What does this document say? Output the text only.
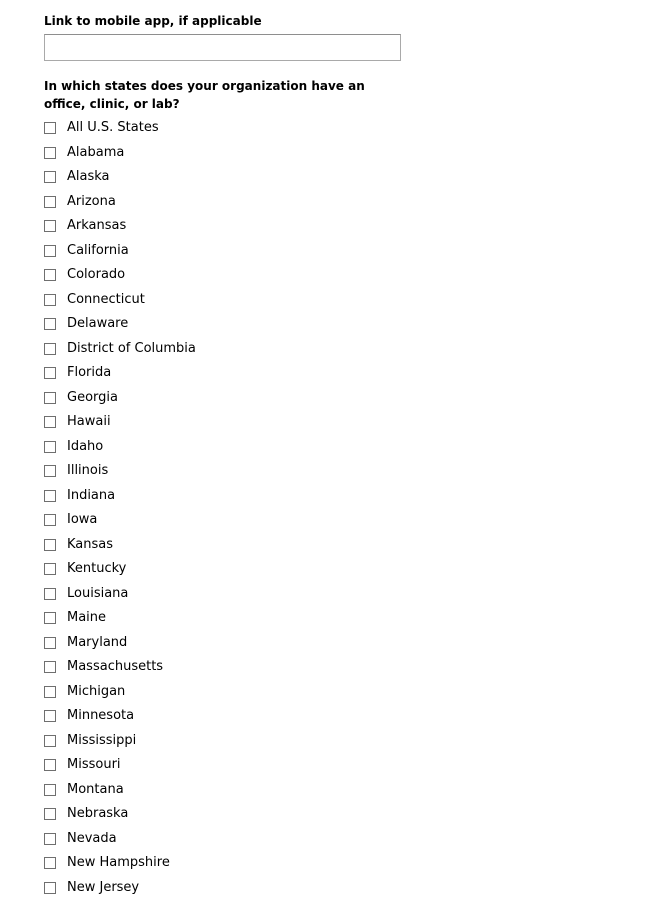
Link to mobile app, if applicable

In which states does your organization have an office, clinic, or lab?

All U.S. States
Alabama
Alaska
Arizona
Arkansas
California
Colorado
Connecticut
Delaware
District of Columbia
Florida
Georgia
Hawaii
Idaho
Illinois
Indiana
Iowa
Kansas
Kentucky
Louisiana
Maine
Maryland
Massachusetts
Michigan
Minnesota
Mississippi
Missouri
Montana
Nebraska
Nevada
New Hampshire
New Jersey
